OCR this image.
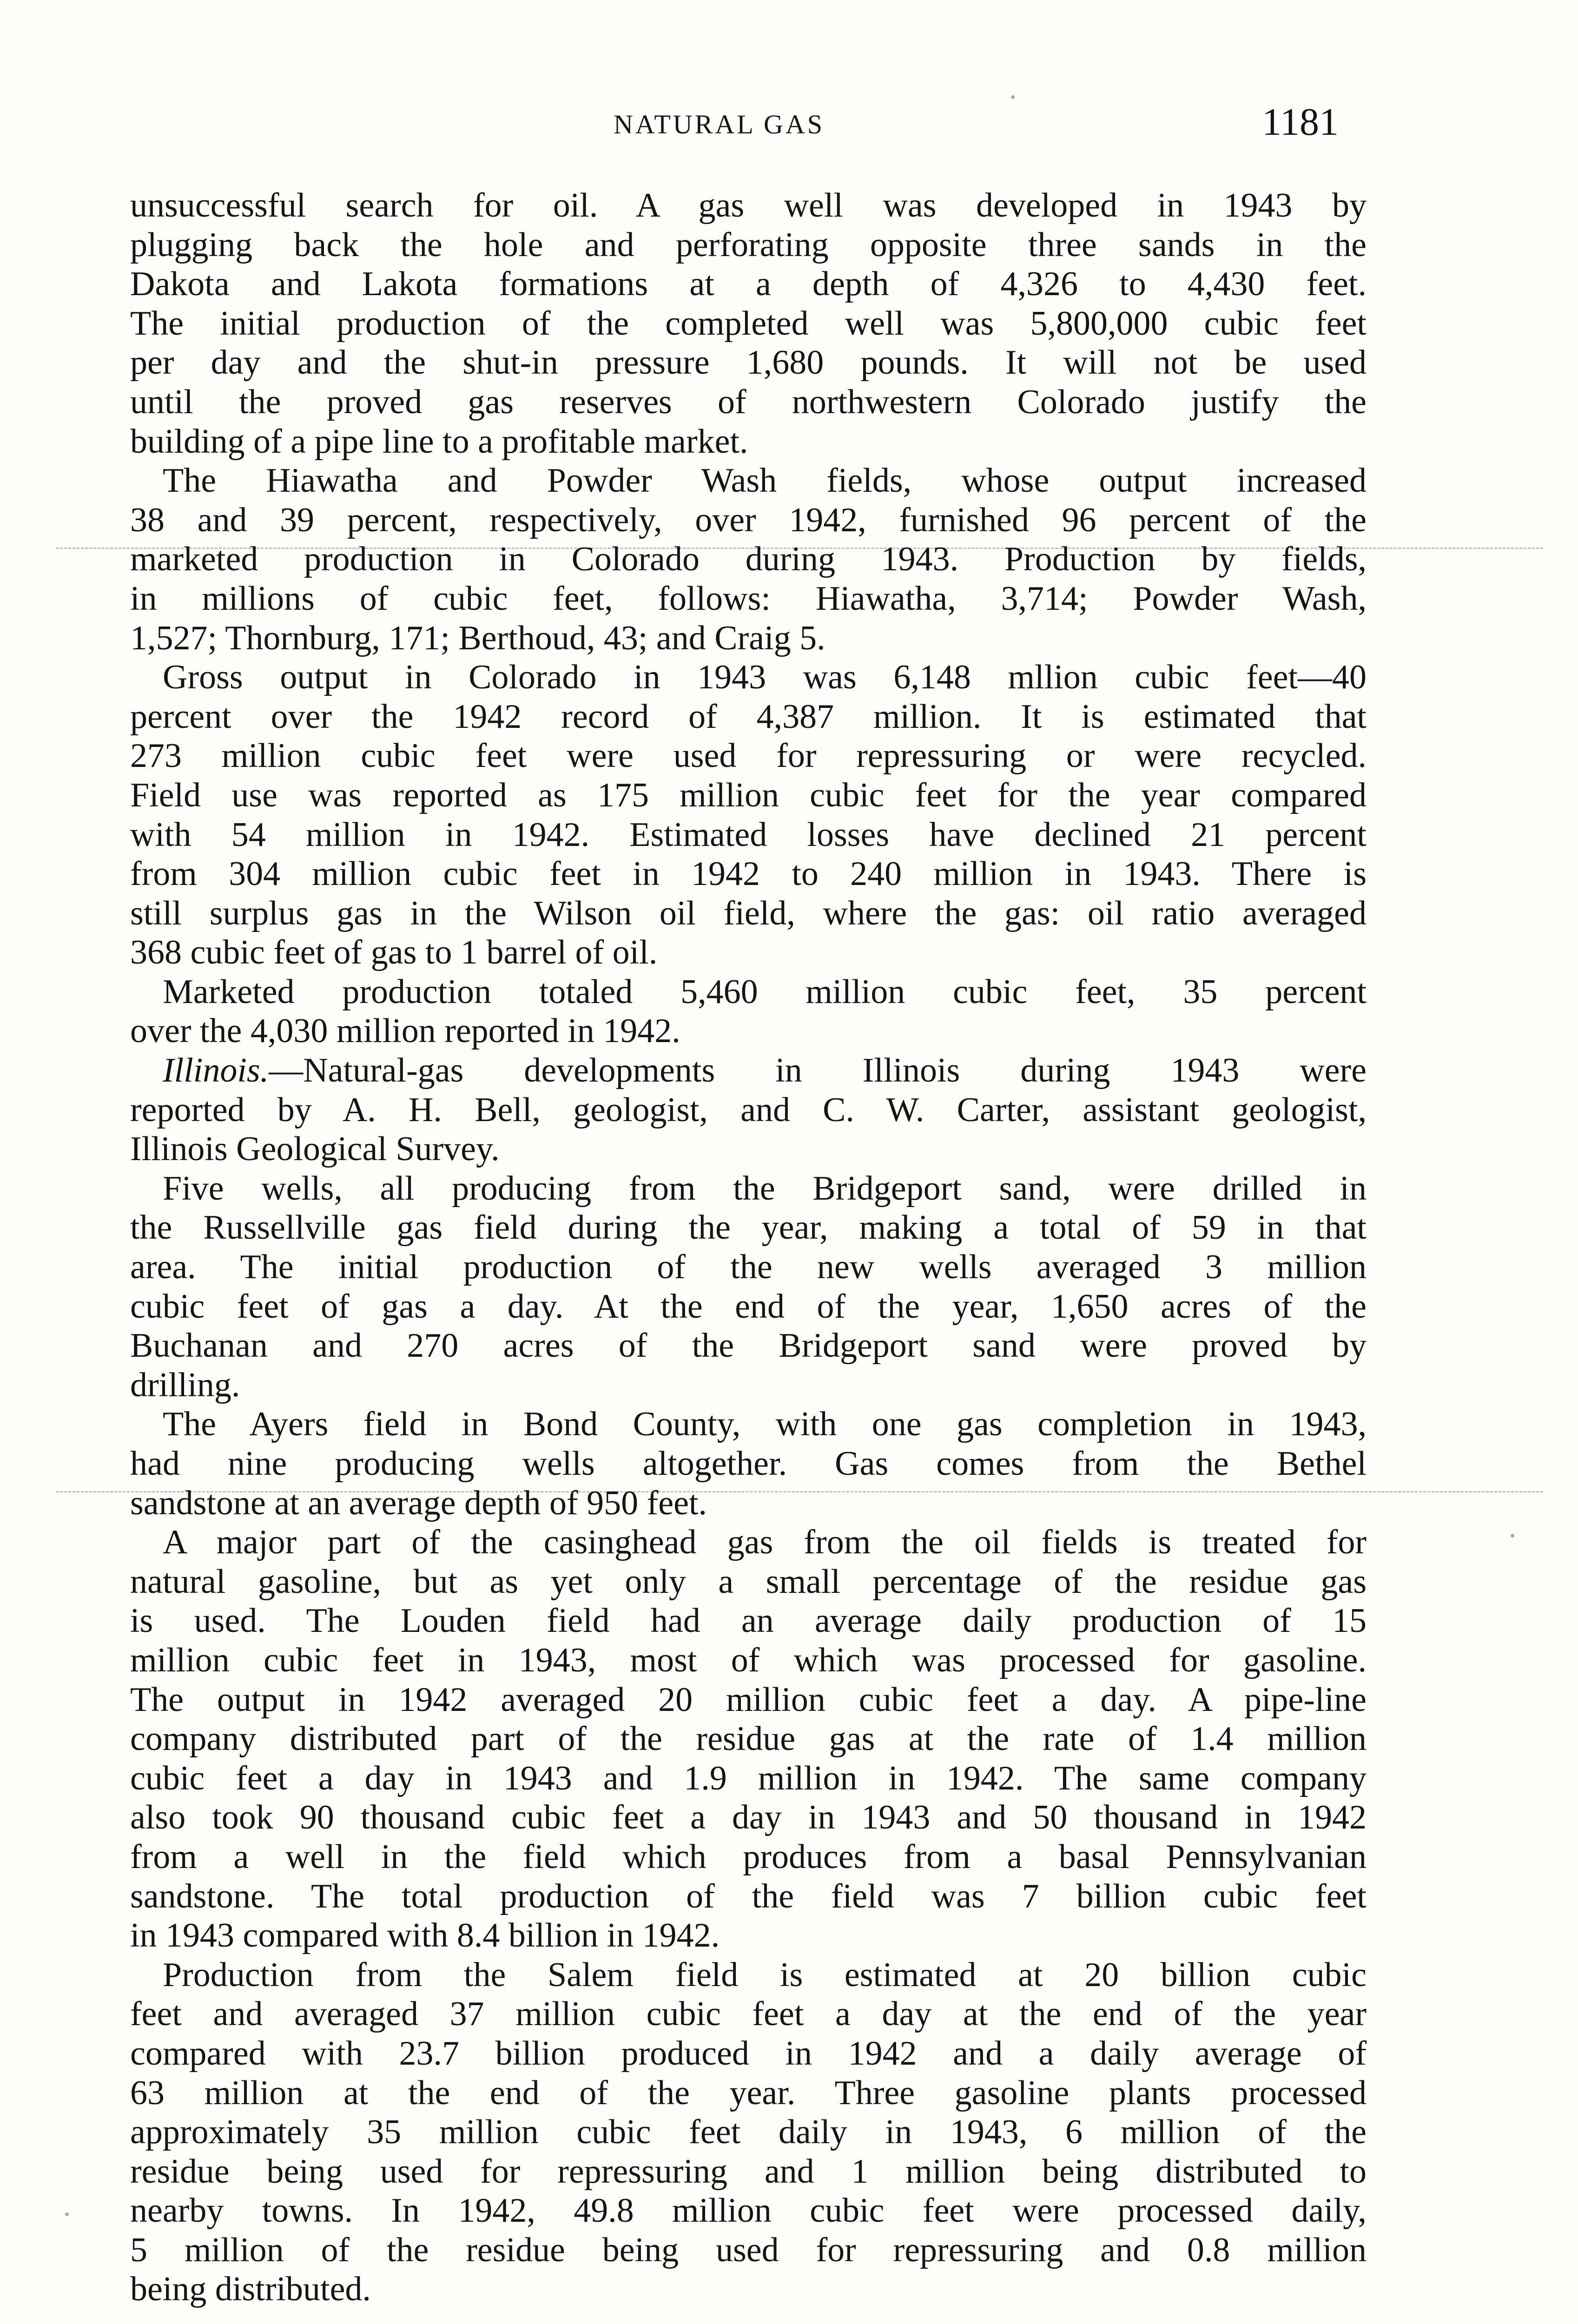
NATURAL GAS	1181
unsuccessful search for oil. A gas well was developed in 1943 by
plugging back the hole and perforating opposite three sands in the
Dakota and Lakota formations at a depth of 4,326 to 4,430 feet.
The initial production of the completed well was 5,800,000 cubic feet
per day and the shut-in pressure 1,680 pounds. It will not be used
until the proved gas reserves of northwestern Colorado justify the
building of a pipe line to a profitable market.
The Hiawatha and Powder Wash fields, whose output increased
38 and 39 percent, respectively, over 1942, furnished 96 percent of the
marketed production in Colorado during 1943. Production by fields,
in millions of cubic feet, follows: Hiawatha, 3,714; Powder Wash,
1,527; Thornburg, 171; Berthoud, 43; and Craig 5.
Gross output in Colorado in 1943 was 6,148 mllion cubic feet—40
percent over the 1942 record of 4,387 million. It is estimated that
273 million cubic feet were used for repressuring or were recycled.
Field use was reported as 175 million cubic feet for the year compared
with 54 million in 1942. Estimated losses have declined 21 percent
from 304 million cubic feet in 1942 to 240 million in 1943. There is
still surplus gas in the Wilson oil field, where the gas: oil ratio averaged
368 cubic feet of gas to 1 barrel of oil.
Marketed production totaled 5,460 million cubic feet, 35 percent
over the 4,030 million reported in 1942.
Illinois.—Natural-gas developments in Illinois during 1943 were
reported by A. H. Bell, geologist, and C. W. Carter, assistant geologist,
Illinois Geological Survey.
Five wells, all producing from the Bridgeport sand, were drilled in
the Russellville gas field during the year, making a total of 59 in that
area. The initial production of the new wells averaged 3 million
cubic feet of gas a day. At the end of the year, 1,650 acres of the
Buchanan and 270 acres of the Bridgeport sand were proved by
drilling.
The Ayers field in Bond County, with one gas completion in 1943,
had nine producing wells altogether. Gas comes from the Bethel
sandstone at an average depth of 950 feet.
A major part of the casinghead gas from the oil fields is treated for
natural gasoline, but as yet only a small percentage of the residue gas
is used. The Louden field had an average daily production of 15
million cubic feet in 1943, most of which was processed for gasoline.
The output in 1942 averaged 20 million cubic feet a day. A pipe-line
company distributed part of the residue gas at the rate of 1.4 million
cubic feet a day in 1943 and 1.9 million in 1942. The same company
also took 90 thousand cubic feet a day in 1943 and 50 thousand in 1942
from a well in the field which produces from a basal Pennsylvanian
sandstone. The total production of the field was 7 billion cubic feet
in 1943 compared with 8.4 billion in 1942.
Production from the Salem field is estimated at 20 billion cubic
feet and averaged 37 million cubic feet a day at the end of the year
compared with 23.7 billion produced in 1942 and a daily average of
63 million at the end of the year. Three gasoline plants processed
approximately 35 million cubic feet daily in 1943, 6 million of the
residue being used for repressuring and 1 million being distributed to
nearby towns. In 1942, 49.8 million cubic feet were processed daily,
5 million of the residue being used for repressuring and 0.8 million
being distributed.
